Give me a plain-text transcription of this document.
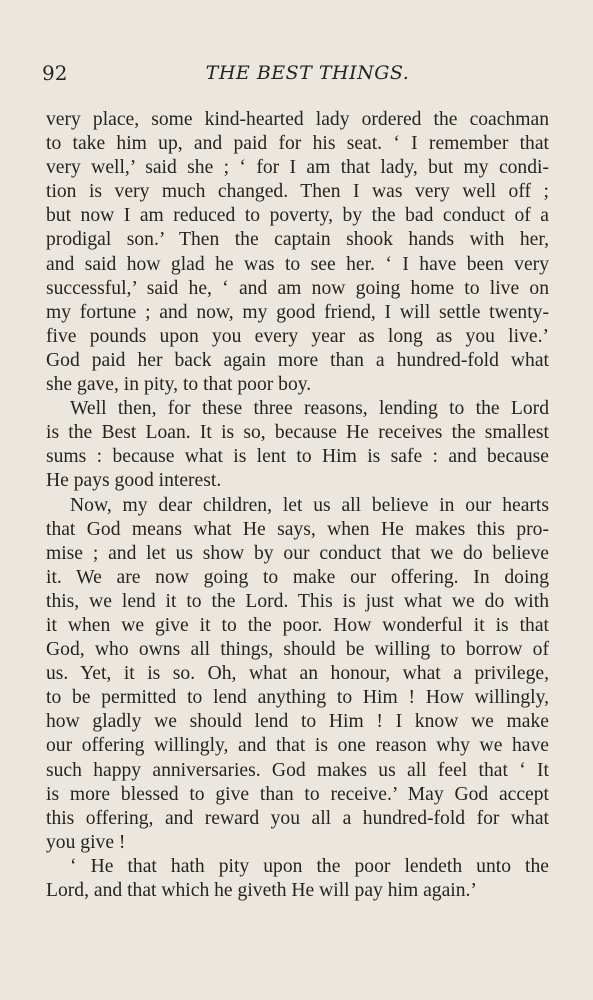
92	THE BEST THINGS.
very place, some kind-hearted lady ordered the coachman
to take him up, and paid for his seat. ‘ I remember that
very well,’ said she ; ‘ for I am that lady, but my condi-
tion is very much changed. Then I was very well off ;
but now I am reduced to poverty, by the bad conduct of a
prodigal son.’ Then the captain shook hands with her,
and said how glad he was to see her. ‘ I have been very
successful,’ said he, ‘ and am now going home to live on
my fortune ; and now, my good friend, I will settle twenty-
five pounds upon you every year as long as you live.’
God paid her back again more than a hundred-fold what
she gave, in pity, to that poor boy.
Well then, for these three reasons, lending to the Lord
is the Best Loan. It is so, because He receives the smallest
sums : because what is lent to Him is safe : and because
He pays good interest.
Now, my dear children, let us all believe in our hearts
that God means what He says, when He makes this pro-
mise ; and let us show by our conduct that we do believe
it. We are now going to make our offering. In doing
this, we lend it to the Lord. This is just what we do with
it when we give it to the poor. How wonderful it is that
God, who owns all things, should be willing to borrow of
us. Yet, it is so. Oh, what an honour, what a privilege,
to be permitted to lend anything to Him ! How willingly,
how gladly we should lend to Him ! I know we make
our offering willingly, and that is one reason why we have
such happy anniversaries. God makes us all feel that ‘ It
is more blessed to give than to receive.’ May God accept
this offering, and reward you all a hundred-fold for what
you give !
‘ He that hath pity upon the poor lendeth unto the
Lord, and that which he giveth He will pay him again.’
